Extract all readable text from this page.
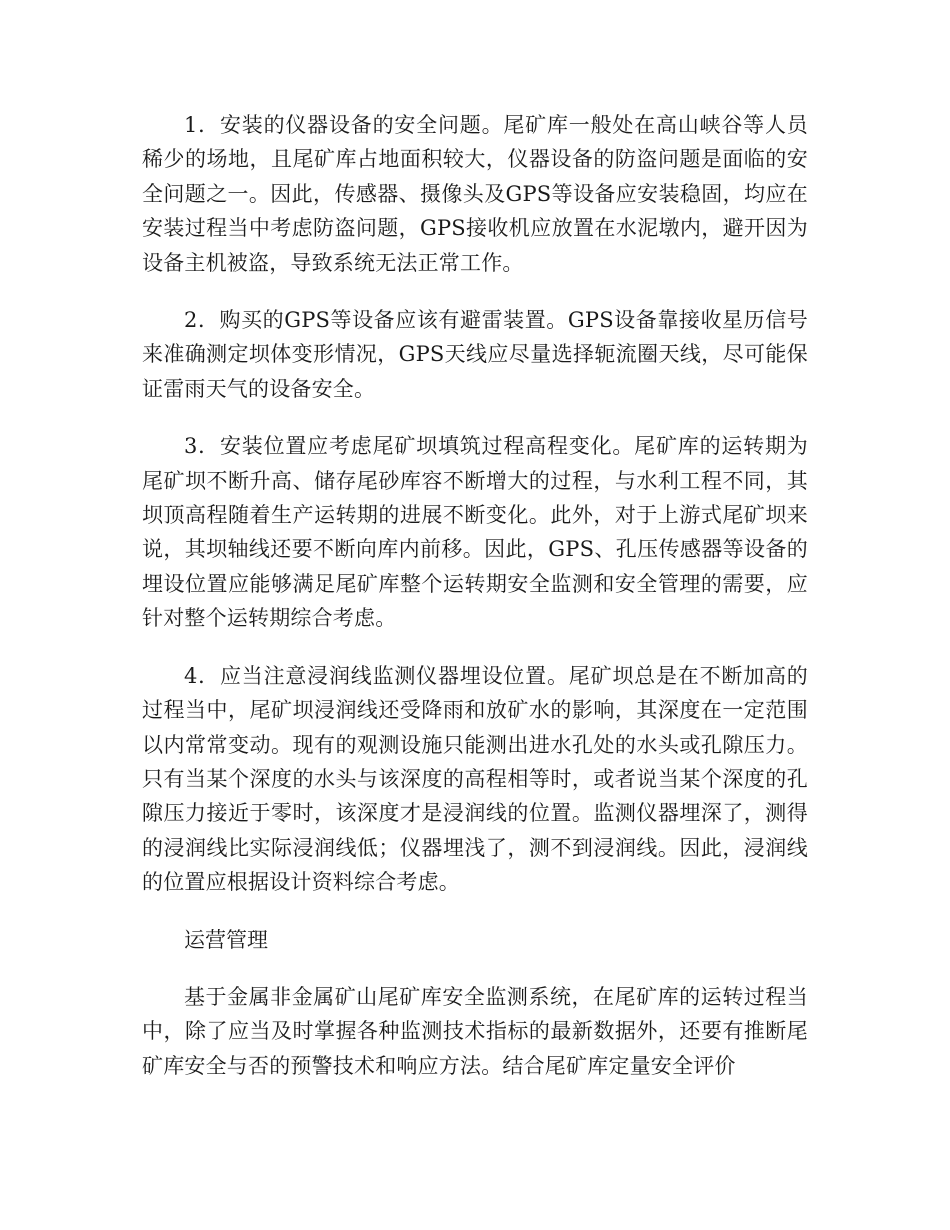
1．安装的仪器设备的安全问题。尾矿库一般处在高山峡谷等人员稀少的场地，且尾矿库占地面积较大，仪器设备的防盗问题是面临的安全问题之一。因此，传感器、摄像头及GPS等设备应安装稳固，均应在安装过程当中考虑防盗问题，GPS接收机应放置在水泥墩内，避开因为设备主机被盗，导致系统无法正常工作。

2．购买的GPS等设备应该有避雷装置。GPS设备靠接收星历信号来准确测定坝体变形情况，GPS天线应尽量选择轭流圈天线，尽可能保证雷雨天气的设备安全。

3．安装位置应考虑尾矿坝填筑过程高程变化。尾矿库的运转期为尾矿坝不断升高、储存尾砂库容不断增大的过程，与水利工程不同，其坝顶高程随着生产运转期的进展不断变化。此外，对于上游式尾矿坝来说，其坝轴线还要不断向库内前移。因此，GPS、孔压传感器等设备的埋设位置应能够满足尾矿库整个运转期安全监测和安全管理的需要，应针对整个运转期综合考虑。

4．应当注意浸润线监测仪器埋设位置。尾矿坝总是在不断加高的过程当中，尾矿坝浸润线还受降雨和放矿水的影响，其深度在一定范围以内常常变动。现有的观测设施只能测出进水孔处的水头或孔隙压力。只有当某个深度的水头与该深度的高程相等时，或者说当某个深度的孔隙压力接近于零时，该深度才是浸润线的位置。监测仪器埋深了，测得的浸润线比实际浸润线低；仪器埋浅了，测不到浸润线。因此，浸润线的位置应根据设计资料综合考虑。

运营管理

基于金属非金属矿山尾矿库安全监测系统，在尾矿库的运转过程当中，除了应当及时掌握各种监测技术指标的最新数据外，还要有推断尾矿库安全与否的预警技术和响应方法。结合尾矿库定量安全评价
